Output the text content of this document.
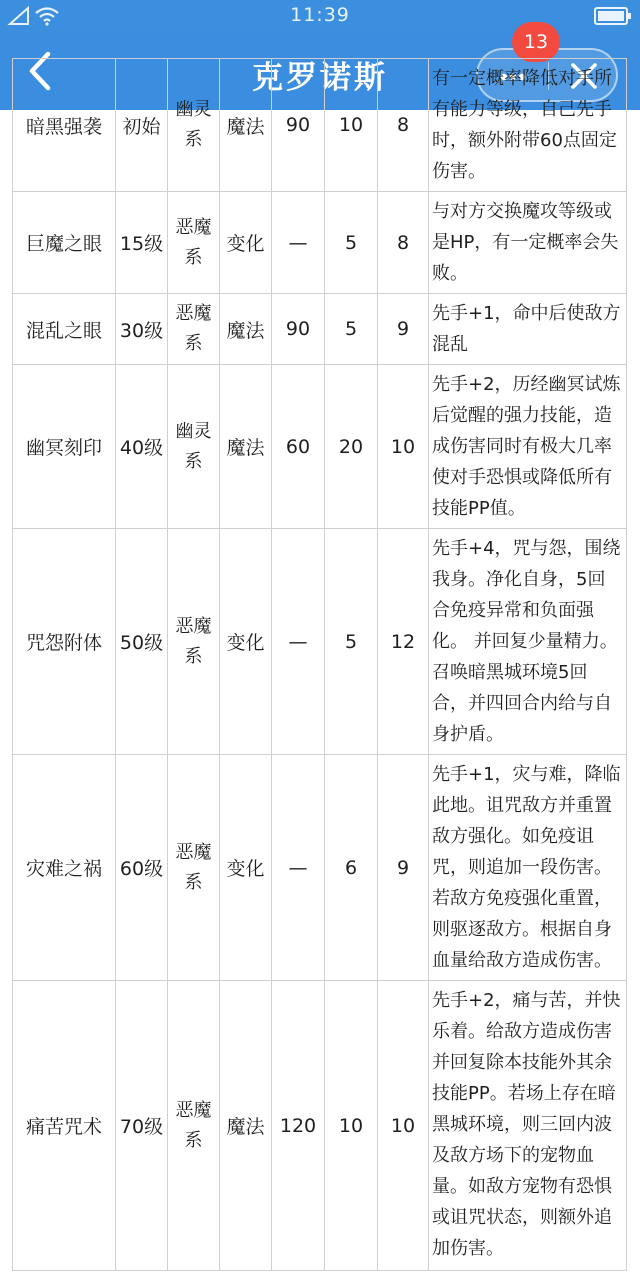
11:39
克罗诺斯
13
暗黑强袭	初始	幽灵系	魔法	90	10	8	有一定概率降低对手所有能力等级，自己先手时，额外附带60点固定伤害。

巨魔之眼	15级	恶魔系	变化	—	5	8	与对方交换魔攻等级或是HP，有一定概率会失败。

混乱之眼	30级	恶魔系	魔法	90	5	9	先手+1，命中后使敌方混乱

幽冥刻印	40级	幽灵系	魔法	60	20	10	先手+2，历经幽冥试炼后觉醒的强力技能，造成伤害同时有极大几率使对手恐惧或降低所有技能PP值。

咒怨附体	50级	恶魔系	变化	—	5	12	先手+4，咒与怨，围绕我身。净化自身，5回合免疫异常和负面强化。 并回复少量精力。召唤暗黑城环境5回合，并四回合内给与自身护盾。

灾难之祸	60级	恶魔系	变化	—	6	9	先手+1，灾与难，降临此地。诅咒敌方并重置敌方强化。如免疫诅咒，则追加一段伤害。若敌方免疫强化重置，则驱逐敌方。根据自身血量给敌方造成伤害。

痛苦咒术	70级	恶魔系	魔法	120	10	10	先手+2，痛与苦，并快乐着。给敌方造成伤害并回复除本技能外其余技能PP。若场上存在暗黑城环境，则三回内波及敌方场下的宠物血量。如敌方宠物有恐惧或诅咒状态，则额外追加伤害。
